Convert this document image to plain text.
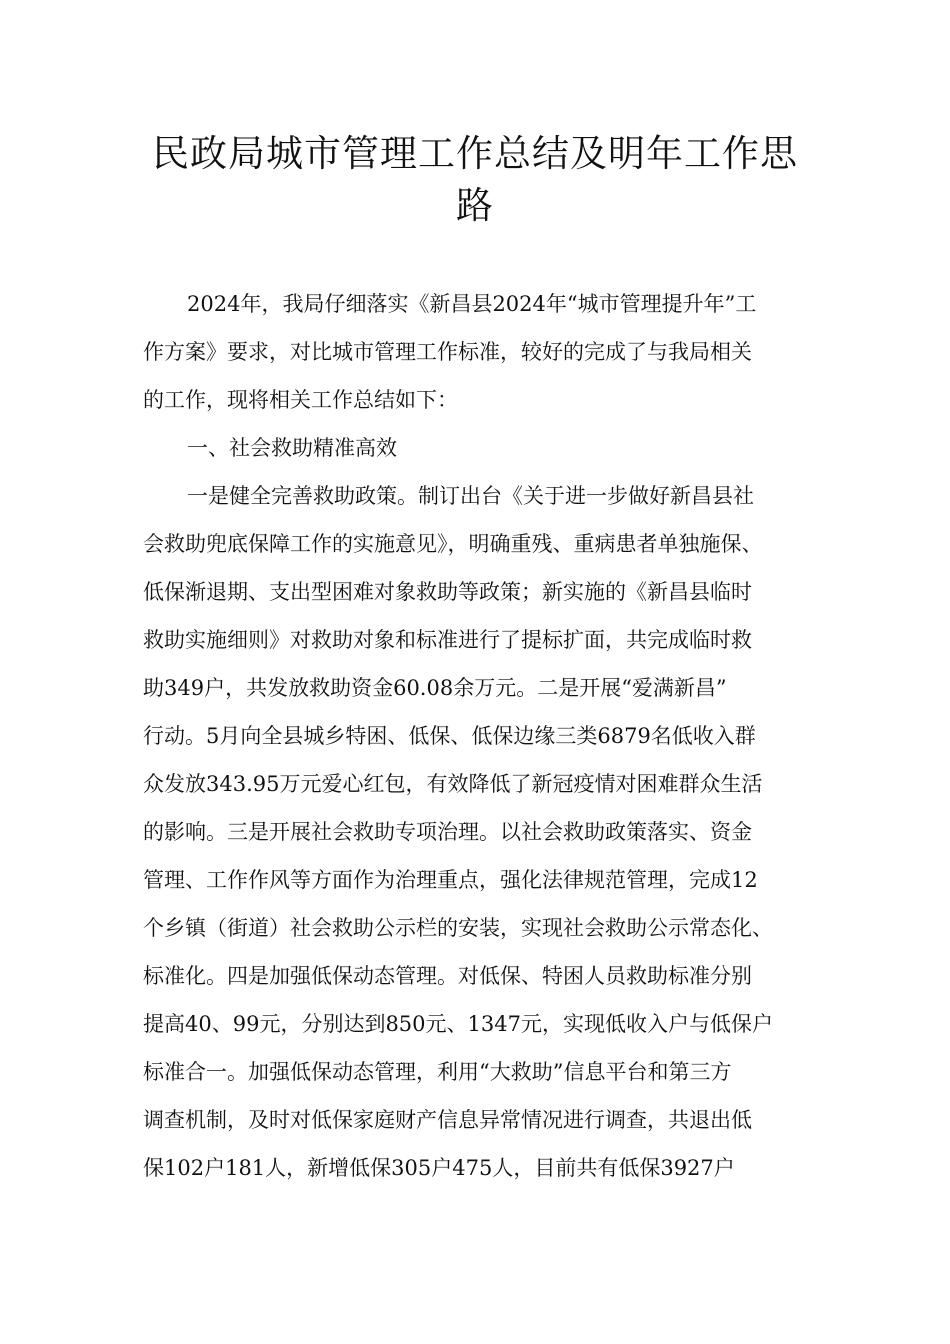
民政局城市管理工作总结及明年工作思
路
2024年，我局仔细落实《新昌县2024年“城市管理提升年”工
作方案》要求，对比城市管理工作标准，较好的完成了与我局相关
的工作，现将相关工作总结如下：
一、社会救助精准高效
一是健全完善救助政策。制订出台《关于进一步做好新昌县社
会救助兜底保障工作的实施意见》，明确重残、重病患者单独施保、
低保渐退期、支出型困难对象救助等政策；新实施的《新昌县临时
救助实施细则》对救助对象和标准进行了提标扩面，共完成临时救
助349户，共发放救助资金60.08余万元。二是开展“爱满新昌”
行动。5月向全县城乡特困、低保、低保边缘三类6879名低收入群
众发放343.95万元爱心红包，有效降低了新冠疫情对困难群众生活
的影响。三是开展社会救助专项治理。以社会救助政策落实、资金
管理、工作作风等方面作为治理重点，强化法律规范管理，完成12
个乡镇（街道）社会救助公示栏的安装，实现社会救助公示常态化、
标准化。四是加强低保动态管理。对低保、特困人员救助标准分别
提高40、99元，分别达到850元、1347元，实现低收入户与低保户
标准合一。加强低保动态管理，利用“大救助”信息平台和第三方
调查机制，及时对低保家庭财产信息异常情况进行调查，共退出低
保102户181人，新增低保305户475人，目前共有低保3927户
